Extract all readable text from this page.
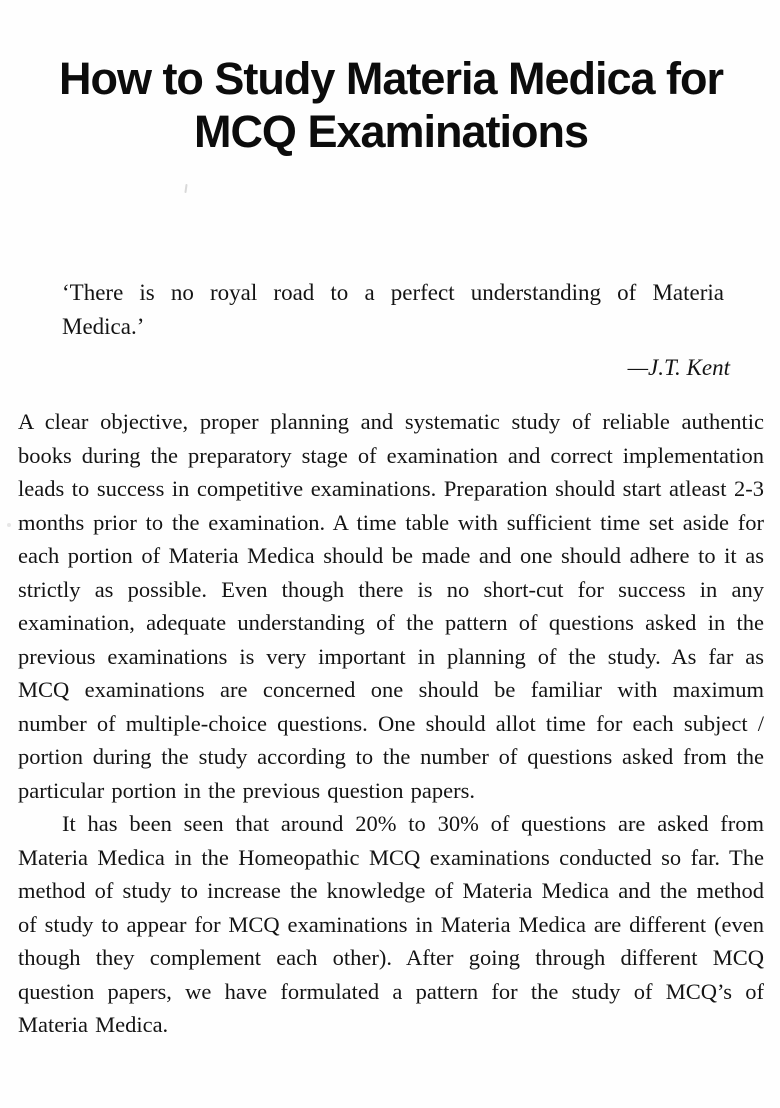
How to Study Materia Medica for
MCQ Examinations
‘There is no royal road to a perfect understanding of Materia Medica.’
—J.T. Kent

A clear objective, proper planning and systematic study of reliable authentic books during the preparatory stage of examination and correct implementation leads to success in competitive examinations. Preparation should start atleast 2-3 months prior to the examination. A time table with sufficient time set aside for each portion of Materia Medica should be made and one should adhere to it as strictly as possible. Even though there is no short-cut for success in any examination, adequate understanding of the pattern of questions asked in the previous examinations is very important in planning of the study. As far as MCQ examinations are concerned one should be familiar with maximum number of multiple-choice questions. One should allot time for each subject / portion during the study according to the number of questions asked from the particular portion in the previous question papers.

It has been seen that around 20% to 30% of questions are asked from Materia Medica in the Homeopathic MCQ examinations conducted so far. The method of study to increase the knowledge of Materia Medica and the method of study to appear for MCQ examinations in Materia Medica are different (even though they complement each other). After going through different MCQ question papers, we have formulated a pattern for the study of MCQ’s of Materia Medica.
